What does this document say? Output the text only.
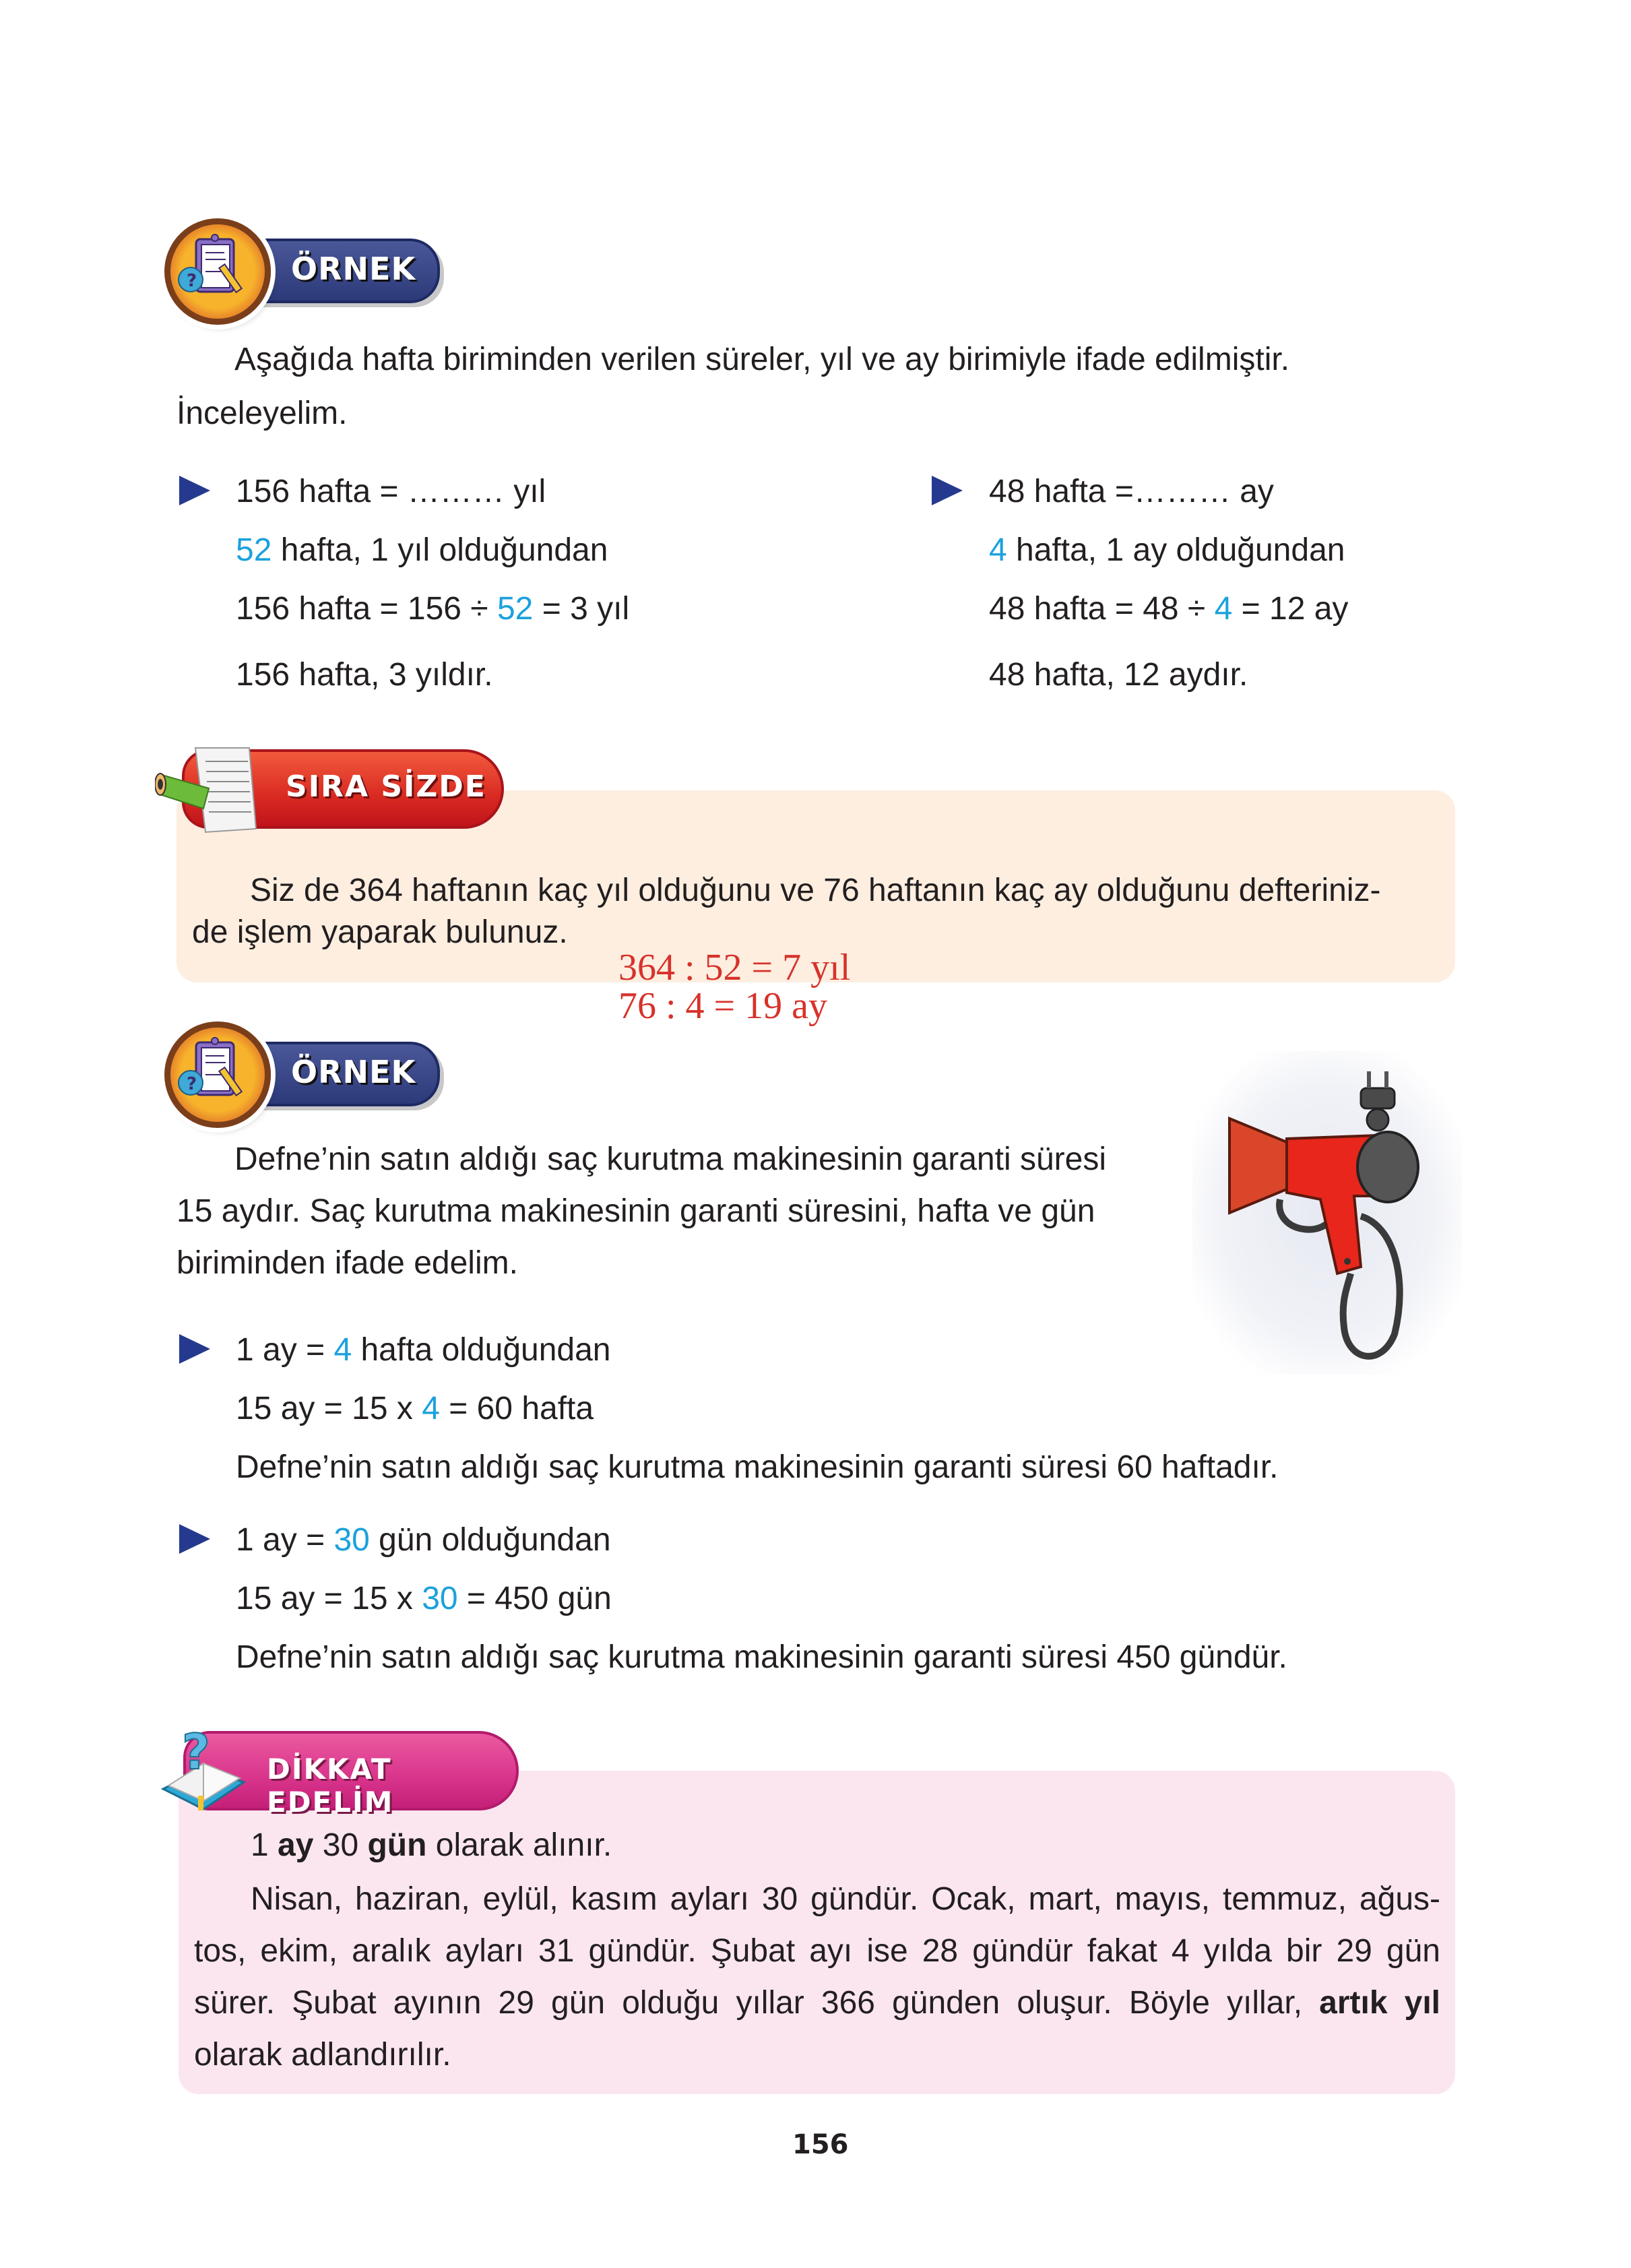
ÖRNEK
?
Aşağıda hafta biriminden verilen süreler, yıl ve ay birimiyle ifade edilmiştir.
İnceleyelim.
156 hafta = ……… yıl
52 hafta, 1 yıl olduğundan
156 hafta = 156 ÷ 52 = 3 yıl
156 hafta, 3 yıldır.
48 hafta =……… ay
4 hafta, 1 ay olduğundan
48 hafta = 48 ÷ 4 = 12 ay
48 hafta, 12 aydır.
SIRA SİZDE
Siz de 364 haftanın kaç yıl olduğunu ve 76 haftanın kaç ay olduğunu defteriniz-
de işlem yaparak bulunuz.
364 : 52 = 7 yıl
76 : 4 = 19 ay
ÖRNEK
?
Defne’nin satın aldığı saç kurutma makinesinin garanti süresi
15 aydır. Saç kurutma makinesinin garanti süresini, hafta ve gün
biriminden ifade edelim.
1 ay = 4 hafta olduğundan
15 ay = 15 x 4 = 60 hafta
Defne’nin satın aldığı saç kurutma makinesinin garanti süresi 60 haftadır.
1 ay = 30 gün olduğundan
15 ay = 15 x 30 = 450 gün
Defne’nin satın aldığı saç kurutma makinesinin garanti süresi 450 gündür.
DİKKAT EDELİM
?
1 ay 30 gün olarak alınır.
Nisan, haziran, eylül, kasım ayları 30 gündür. Ocak, mart, mayıs, temmuz, ağus-
tos, ekim, aralık ayları 31 gündür. Şubat ayı ise 28 gündür fakat 4 yılda bir 29 gün
sürer. Şubat ayının 29 gün olduğu yıllar 366 günden oluşur. Böyle yıllar, artık yıl
olarak adlandırılır.
156
